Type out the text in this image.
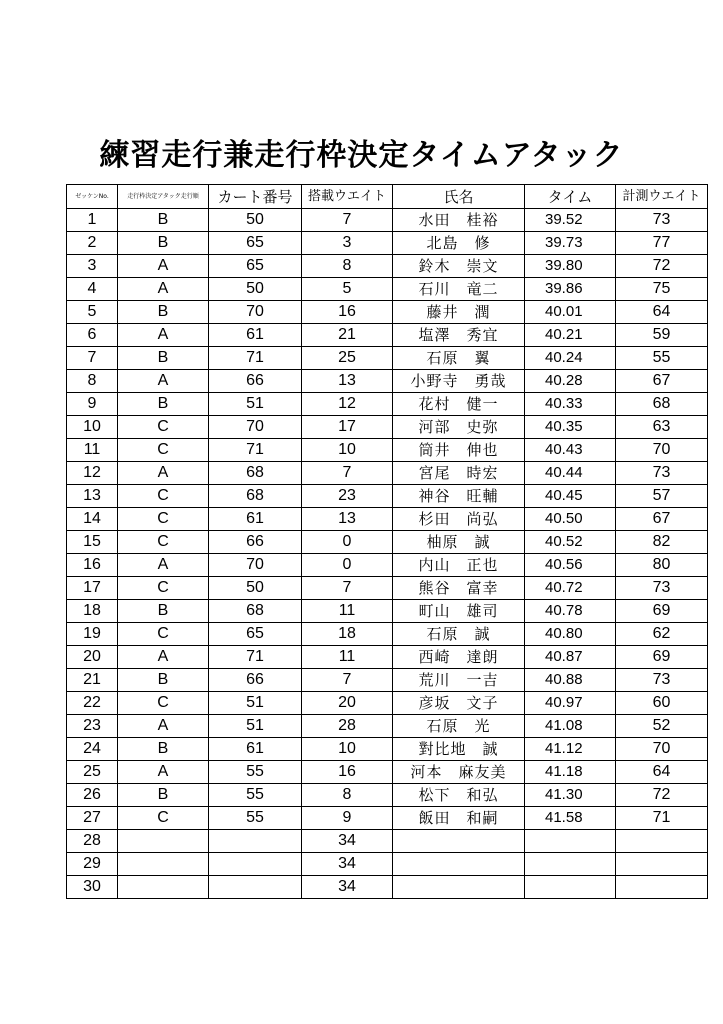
練習走行兼走行枠決定タイムアタック
ゼッケンNo.	走行枠決定アタック走行順	カート番号	搭載ウエイト	氏名	タイム	計測ウエイト
1	B	50	7	水田　桂裕	39.52	73
2	B	65	3	北島　修	39.73	77
3	A	65	8	鈴木　崇文	39.80	72
4	A	50	5	石川　竜二	39.86	75
5	B	70	16	藤井　潤	40.01	64
6	A	61	21	塩澤　秀宜	40.21	59
7	B	71	25	石原　翼	40.24	55
8	A	66	13	小野寺　勇哉	40.28	67
9	B	51	12	花村　健一	40.33	68
10	C	70	17	河部　史弥	40.35	63
11	C	71	10	筒井　伸也	40.43	70
12	A	68	7	宮尾　時宏	40.44	73
13	C	68	23	神谷　旺輔	40.45	57
14	C	61	13	杉田　尚弘	40.50	67
15	C	66	0	柚原　誠	40.52	82
16	A	70	0	内山　正也	40.56	80
17	C	50	7	熊谷　富幸	40.72	73
18	B	68	11	町山　雄司	40.78	69
19	C	65	18	石原　誠	40.80	62
20	A	71	11	西崎　達朗	40.87	69
21	B	66	7	荒川　一吉	40.88	73
22	C	51	20	彦坂　文子	40.97	60
23	A	51	28	石原　光	41.08	52
24	B	61	10	對比地　誠	41.12	70
25	A	55	16	河本　麻友美	41.18	64
26	B	55	8	松下　和弘	41.30	72
27	C	55	9	飯田　和嗣	41.58	71
28			34			
29			34			
30			34			
